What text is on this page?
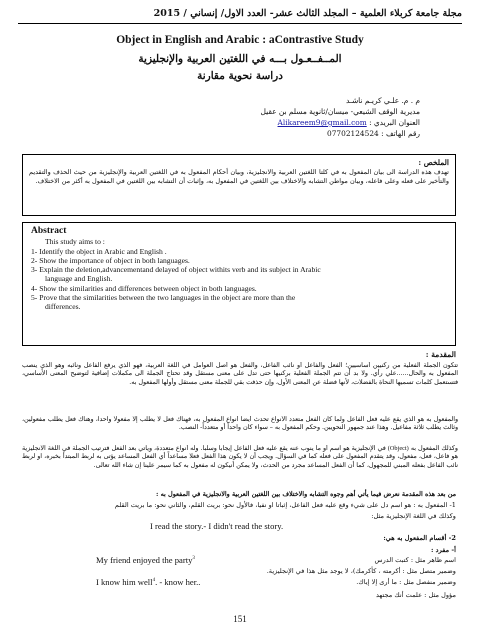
مجلة جامعة كربلاء العلمية – المجلد الثالث عشر- العدد الاول/ إنساني / 2015
Object in English and Arabic : aContrastive Study
المــفــعـول بـــه في اللغتين العربية والإنجليزية
دراسة نحوية مقارنة
م . م. علـي كريـم ناشـد
مديرية الوقف الشيعي- ميسان/ثانوية مسلم بن عقيل
العنوان البريدي : Alikareem9@gmail.com
رقم الهاتف : 07702124524
الملخص :
تهدف هذه الدراسة الى بيان المفعول به في كلتا اللغتين العربية والانجليزية، وبيان أحكام المفعول به في اللغتين العربية والإنجليزية من حيث الحذف والتقديم والتأخير على فعله وعلى فاعله، وبيان مواطن التشابه والاختلاف بين اللغتين في المفعول به، وإثبات أن التشابه بين اللغتين في المفعول به أكثر من الاختلاف.
Abstract
This study aims to :
1- Identify the object in Arabic and English .
2- Show the importance of object in both languages.
3- Explain the deletion,advancementand delayed of object withits verb and its subject in Arabic
language and English.
4- Show the similarities and differences between object in both languages.
5- Prove that the similarities between the two languages in the object are more than the
differences.
المقدمة :
تتكون الجملة الفعلية من ركنيين أساسيين؛ الفعل والفاعل أو نائب الفاعل، والفعل هو أصل العوامل في اللغة العربية، فهو الذي يرفع الفاعل ونائبه وهو الذي ينصب المفعول به والحال......علي رأي. ولا بد أن تتم الجملة الفعلية بركنيها حتى تدل على معنى مستقل وقد تحتاج الجملة الى مكملات إضافية لتوضيح المعنى الأساسي، فتستعمل كلمات تسميها النحاة بالفضلات، لأنها فضلة عن المعنى الأول، وإن حذفت بقي للجملة معنى مستقل وأولها المفعول به.
والمفعول به هو الذي يقع عليه فعل الفاعل ولما كان الفعل متعدد الأنواع تحدث أيضا أنواع المفعول به، فهناك فعل لا يطلب إلا مفعولاً واحداً، وهناك فعل يطلب مفعولين، وثالث يطلب ثلاثة مفاعيل. وهذا عند جمهور النحويين. وحكم المفعول به – سواء كان واحداً أو متعدداً- النصب.
وكذلك المفعول به (Object) في الإنجليزية هو اسم أو ما ينوب عنه يقع عليه فعل الفاعل إيجابا وسلبا. وله أنواع متعددة، ويأتي بعد الفعل فترتيب الجملة في اللغة الانجليزية هو فاعل، فعل، مفعول، وقد يتقدم المفعول على فعله كما في السؤال. ويجب أن لا يكون هذا الفعل فعلا مساعداً أي الفعل المساعد يؤتى به لربط المبتدأ بخبره، او لربط نائب الفاعل بفعله المبني للمجهول، كما أن الفعل المساعد مجرد من الحدث، ولا يمكن أنيكون له مفعول به كما سيمر علينا إن شاء الله تعالى.
من بعد هذه المقدمة نعرض فيما يأتي أهم وجوه التشابه والاختلاف بين اللغتين العربية والانجليزية في المفعول به :
1- المفعول به : هو اسم دل على شيء وقع عليه فعل الفاعل، إثباتا او نفيا، فالأول نحو: بريت القلم، والثاني نحو: ما بريت القلم
وكذلك في اللغة الإنجليزية مثل:
I read the story.- I didn't read the story.
2- أقسام المفعول به هي:
أ- مفرد :
اسم ظاهر مثل : كتبت الدرس
My friend enjoyed the party$^3$
وضمير متصل مثل : أكرمته ، كأكرمك)، لا يوجد مثل هذا في الإنجليزية.
وضمير منفصل مثل : ما أرى إلا إياك.
I know him well$^4$. - know her..
مؤول مثل : علمت أنك مجتهد
151
